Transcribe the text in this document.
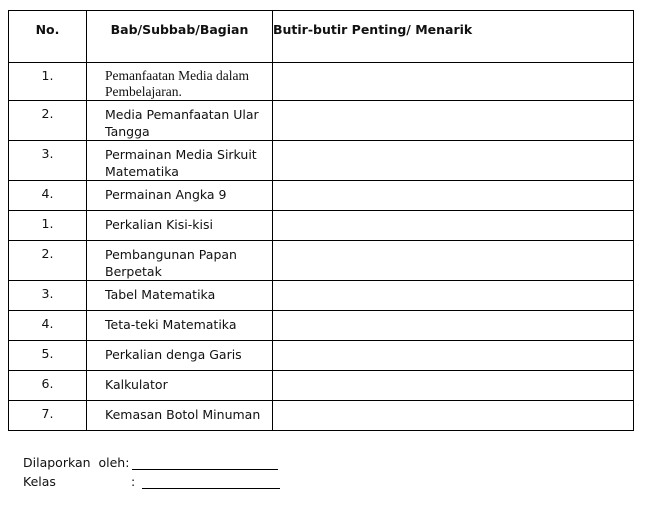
No.	Bab/Subbab/Bagian	Butir-butir Penting/ Menarik
1.	Pemanfaatan Media dalam Pembelajaran.	
2.	Media Pemanfaatan Ular Tangga	
3.	Permainan Media Sirkuit Matematika	
4.	Permainan Angka 9	
1.	Perkalian Kisi-kisi	
2.	Pembangunan Papan Berpetak	
3.	Tabel Matematika	
4.	Teta-teki Matematika	
5.	Perkalian denga Garis	
6.	Kalkulator	
7.	Kemasan Botol Minuman	
Dilaporkan  oleh:
Kelas	:
